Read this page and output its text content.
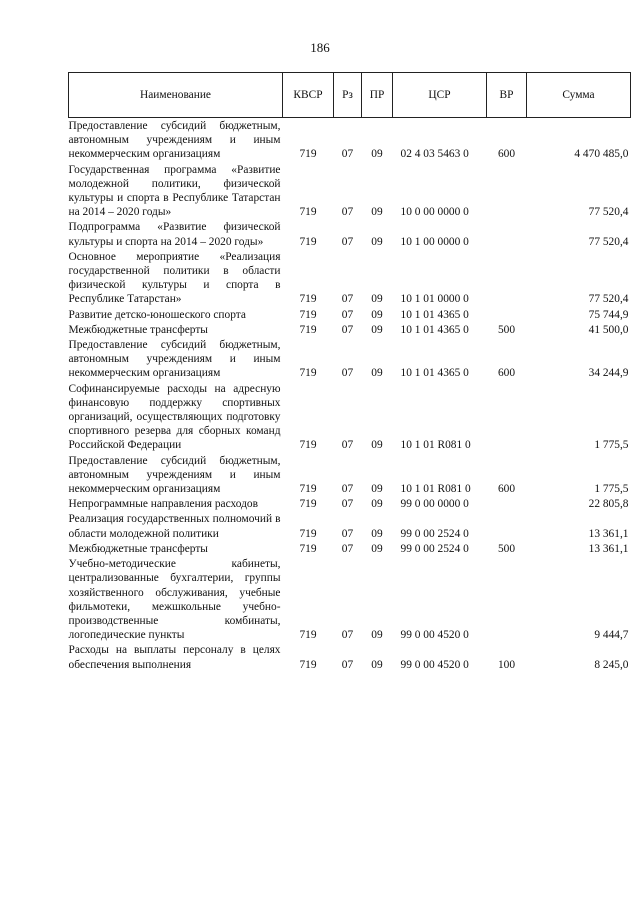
186
Наименование	КВСР	Рз	ПР	ЦСР	ВР	Сумма
Предоставление субсидий бюджетным, автономным учреждениям и иным некоммерческим организациям	719	07	09	02 4 03 5463 0	600	4 470 485,0
Государственная программа «Развитие молодежной политики, физической культуры и спорта в Республике Татарстан на 2014 – 2020 годы»	719	07	09	10 0 00 0000 0		77 520,4
Подпрограмма «Развитие физической культуры и спорта на 2014 – 2020 годы»	719	07	09	10 1 00 0000 0		77 520,4
Основное мероприятие «Реализация государственной политики в области физической культуры и спорта в Республике Татарстан»	719	07	09	10 1 01 0000 0		77 520,4
Развитие детско-юношеского спорта	719	07	09	10 1 01 4365 0		75 744,9
Межбюджетные трансферты	719	07	09	10 1 01 4365 0	500	41 500,0
Предоставление субсидий бюджетным, автономным учреждениям и иным некоммерческим организациям	719	07	09	10 1 01 4365 0	600	34 244,9
Софинансируемые расходы на адресную финансовую поддержку спортивных организаций, осуществляющих подготовку спортивного резерва для сборных команд Российской Федерации	719	07	09	10 1 01 R081 0		1 775,5
Предоставление субсидий бюджетным, автономным учреждениям и иным некоммерческим организациям	719	07	09	10 1 01 R081 0	600	1 775,5
Непрограммные направления расходов	719	07	09	99 0 00 0000 0		22 805,8
Реализация государственных полномочий в области молодежной политики	719	07	09	99 0 00 2524 0		13 361,1
Межбюджетные трансферты	719	07	09	99 0 00 2524 0	500	13 361,1
Учебно-методические кабинеты, централизованные бухгалтерии, группы хозяйственного обслуживания, учебные фильмотеки, межшкольные учебно-производственные комбинаты, логопедические пункты	719	07	09	99 0 00 4520 0		9 444,7
Расходы на выплаты персоналу в целях обеспечения выполнения	719	07	09	99 0 00 4520 0	100	8 245,0
